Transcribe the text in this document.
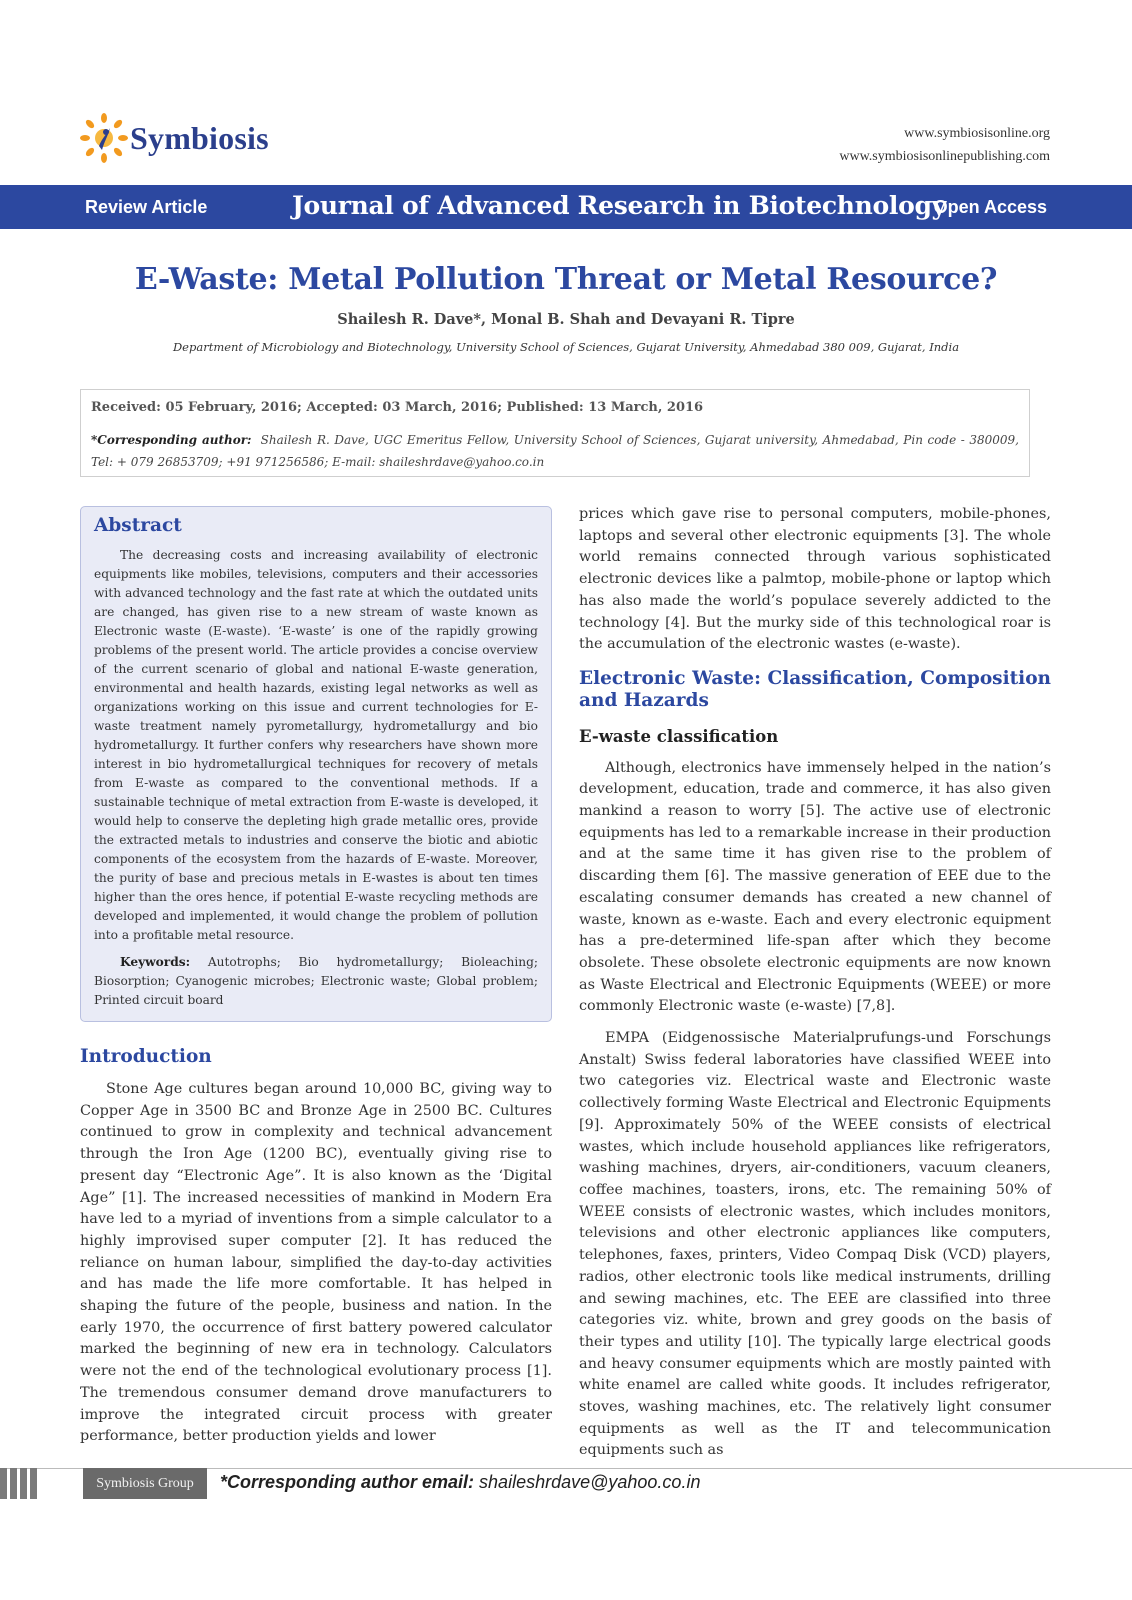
Symbiosis	www.symbiosisonline.org
www.symbiosisonlinepublishing.com
Review Article	Journal of Advanced Research in Biotechnology
Open Access
E-Waste: Metal Pollution Threat or Metal Resource?
Shailesh R. Dave*, Monal B. Shah and Devayani R. Tipre
Department of Microbiology and Biotechnology, University School of Sciences, Gujarat University, Ahmedabad 380 009, Gujarat, India
Received: 05 February, 2016; Accepted: 03 March, 2016; Published: 13 March, 2016
*Corresponding author: Shailesh R. Dave, UGC Emeritus Fellow, University School of Sciences, Gujarat university, Ahmedabad, Pin code - 380009, Tel: + 079 26853709; +91 971256586; E-mail: shaileshrdave@yahoo.co.in
Abstract

The decreasing costs and increasing availability of electronic equipments like mobiles, televisions, computers and their accessories with advanced technology and the fast rate at which the outdated units are changed, has given rise to a new stream of waste known as Electronic waste (E-waste). ‘E-waste’ is one of the rapidly growing problems of the present world. The article provides a concise overview of the current scenario of global and national E-waste generation, environmental and health hazards, existing legal networks as well as organizations working on this issue and current technologies for E-waste treatment namely pyrometallurgy, hydrometallurgy and bio hydrometallurgy. It further confers why researchers have shown more interest in bio hydrometallurgical techniques for recovery of metals from E-waste as compared to the conventional methods. If a sustainable technique of metal extraction from E-waste is developed, it would help to conserve the depleting high grade metallic ores, provide the extracted metals to industries and conserve the biotic and abiotic components of the ecosystem from the hazards of E-waste. Moreover, the purity of base and precious metals in E-wastes is about ten times higher than the ores hence, if potential E-waste recycling methods are developed and implemented, it would change the problem of pollution into a profitable metal resource.

Keywords: Autotrophs; Bio hydrometallurgy; Bioleaching; Biosorption; Cyanogenic microbes; Electronic waste; Global problem; Printed circuit board

Introduction

Stone Age cultures began around 10,000 BC, giving way to Copper Age in 3500 BC and Bronze Age in 2500 BC. Cultures continued to grow in complexity and technical advancement through the Iron Age (1200 BC), eventually giving rise to present day “Electronic Age”. It is also known as the ‘Digital Age” [1]. The increased necessities of mankind in Modern Era have led to a myriad of inventions from a simple calculator to a highly improvised super computer [2]. It has reduced the reliance on human labour, simplified the day-to-day activities and has made the life more comfortable. It has helped in shaping the future of the people, business and nation. In the early 1970, the occurrence of first battery powered calculator marked the beginning of new era in technology. Calculators were not the end of the technological evolutionary process [1]. The tremendous consumer demand drove manufacturers to improve the integrated circuit process with greater performance, better production yields and lower

prices which gave rise to personal computers, mobile-phones, laptops and several other electronic equipments [3]. The whole world remains connected through various sophisticated electronic devices like a palmtop, mobile-phone or laptop which has also made the world’s populace severely addicted to the technology [4]. But the murky side of this technological roar is the accumulation of the electronic wastes (e-waste).

Electronic Waste: Classification, Composition and Hazards
E-waste classification

Although, electronics have immensely helped in the nation’s development, education, trade and commerce, it has also given mankind a reason to worry [5]. The active use of electronic equipments has led to a remarkable increase in their production and at the same time it has given rise to the problem of discarding them [6]. The massive generation of EEE due to the escalating consumer demands has created a new channel of waste, known as e-waste. Each and every electronic equipment has a pre-determined life-span after which they become obsolete. These obsolete electronic equipments are now known as Waste Electrical and Electronic Equipments (WEEE) or more commonly Electronic waste (e-waste) [7,8].

EMPA (Eidgenossische Materialprufungs-und Forschungs Anstalt) Swiss federal laboratories have classified WEEE into two categories viz. Electrical waste and Electronic waste collectively forming Waste Electrical and Electronic Equipments [9]. Approximately 50% of the WEEE consists of electrical wastes, which include household appliances like refrigerators, washing machines, dryers, air-conditioners, vacuum cleaners, coffee machines, toasters, irons, etc. The remaining 50% of WEEE consists of electronic wastes, which includes monitors, televisions and other electronic appliances like computers, telephones, faxes, printers, Video Compaq Disk (VCD) players, radios, other electronic tools like medical instruments, drilling and sewing machines, etc. The EEE are classified into three categories viz. white, brown and grey goods on the basis of their types and utility [10]. The typically large electrical goods and heavy consumer equipments which are mostly painted with white enamel are called white goods. It includes refrigerator, stoves, washing machines, etc. The relatively light consumer equipments as well as the IT and telecommunication equipments such as

Symbiosis Group	*Corresponding author email: shaileshrdave@yahoo.co.in
